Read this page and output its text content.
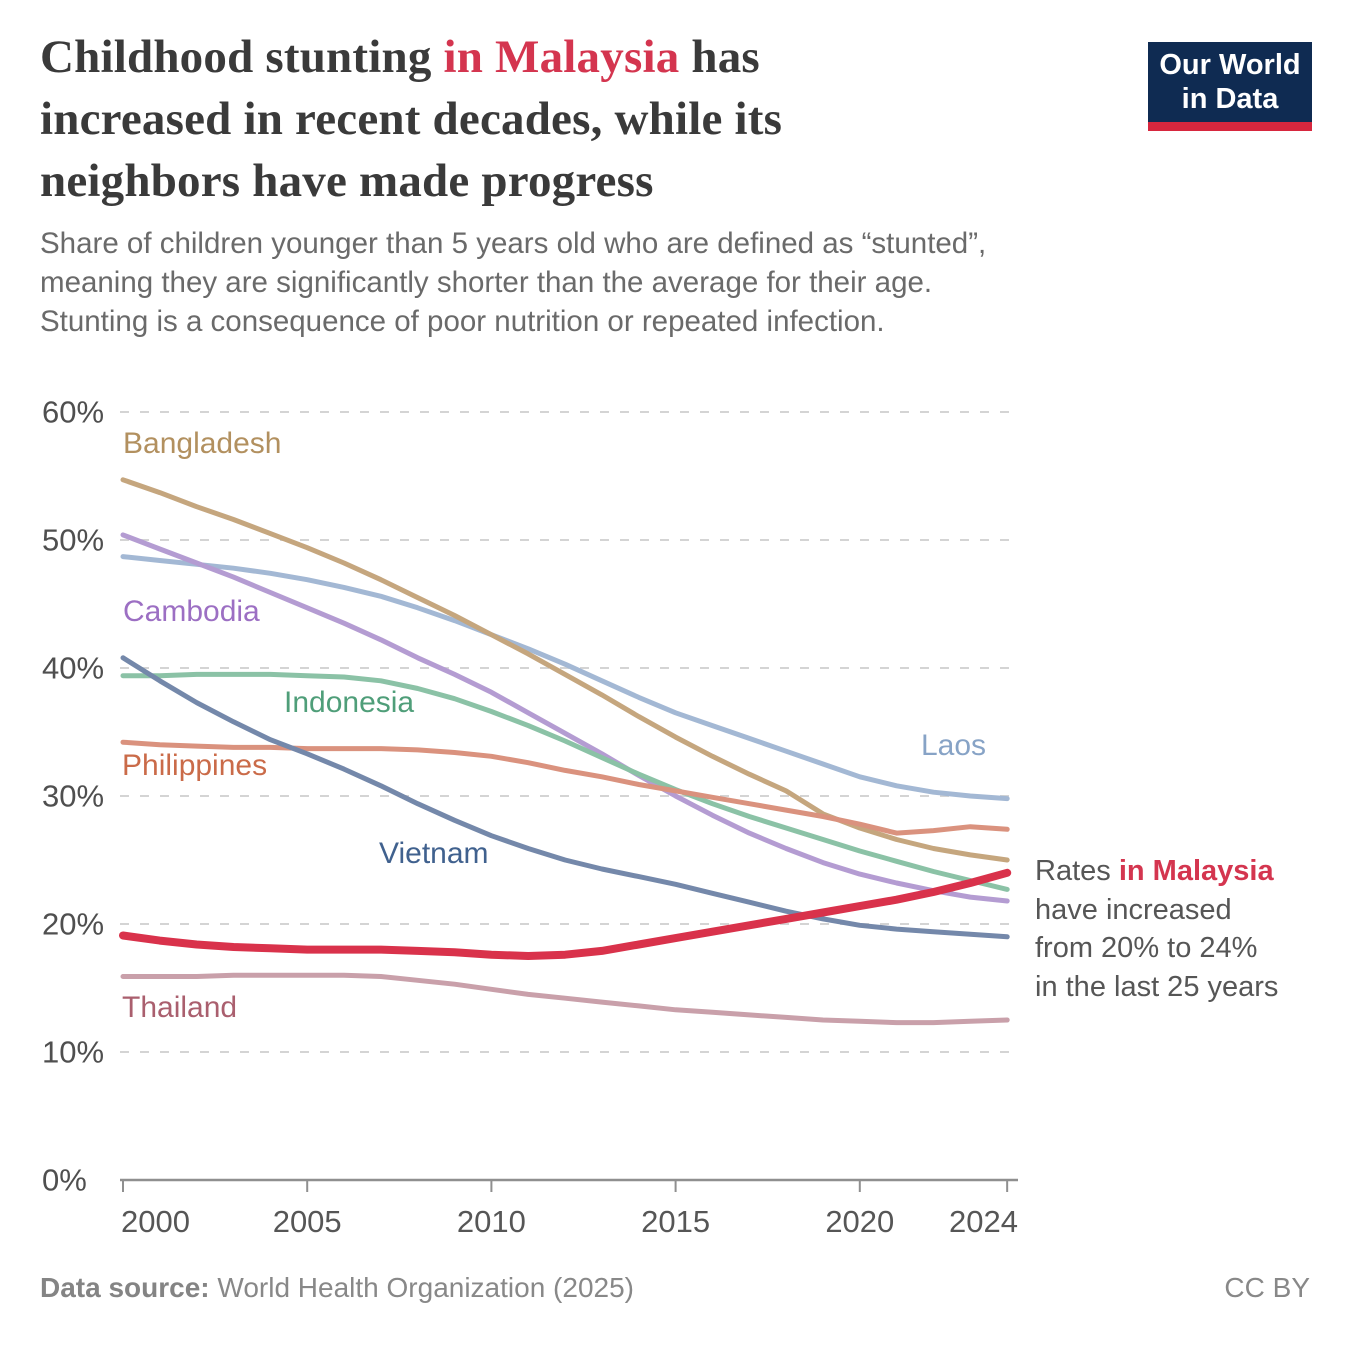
Childhood stunting in Malaysia has
increased in recent decades, while its
neighbors have made progress
Our World
in Data
Share of children younger than 5 years old who are defined as “stunted”,
meaning they are significantly shorter than the average for their age.
Stunting is a consequence of poor nutrition or repeated infection.
60%
50%
40%
30%
20%
10%
0%
2000	2005	2010	2015	2020 2024
Laos
Bangladesh
Cambodia
Indonesia
Philippines
Vietnam
Thailand
Rates in Malaysia
have increased
from 20% to 24%
in the last 25 years
Data source: World Health Organization (2025)	CC BY
